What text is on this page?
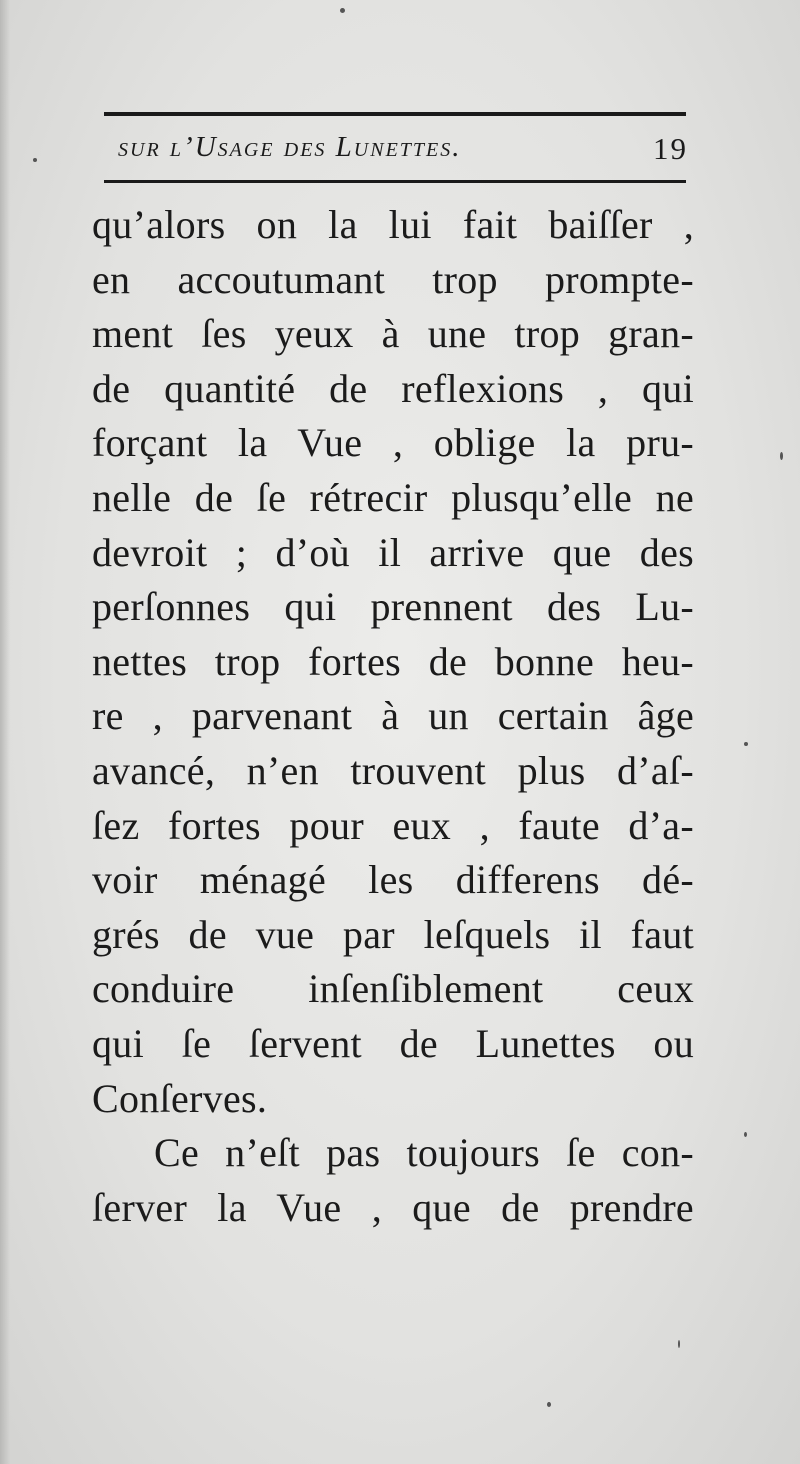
sur l’Usage des Lunettes.	19
qu’alors on la lui fait baiſſer ,
en accoutumant trop prompte-
ment ſes yeux à une trop gran-
de quantité de reflexions , qui
forçant la Vue , oblige la pru-
nelle de ſe rétrecir plusqu’elle ne
devroit ; d’où il arrive que des
perſonnes qui prennent des Lu-
nettes trop fortes de bonne heu-
re , parvenant à un certain âge
avancé, n’en trouvent plus d’aſ-
ſez fortes pour eux , faute d’a-
voir ménagé les differens dé-
grés de vue par leſquels il faut
conduire inſenſiblement ceux
qui ſe ſervent de Lunettes ou
Conſerves.
Ce n’eſt pas toujours ſe con-
ſerver la Vue , que de prendre
